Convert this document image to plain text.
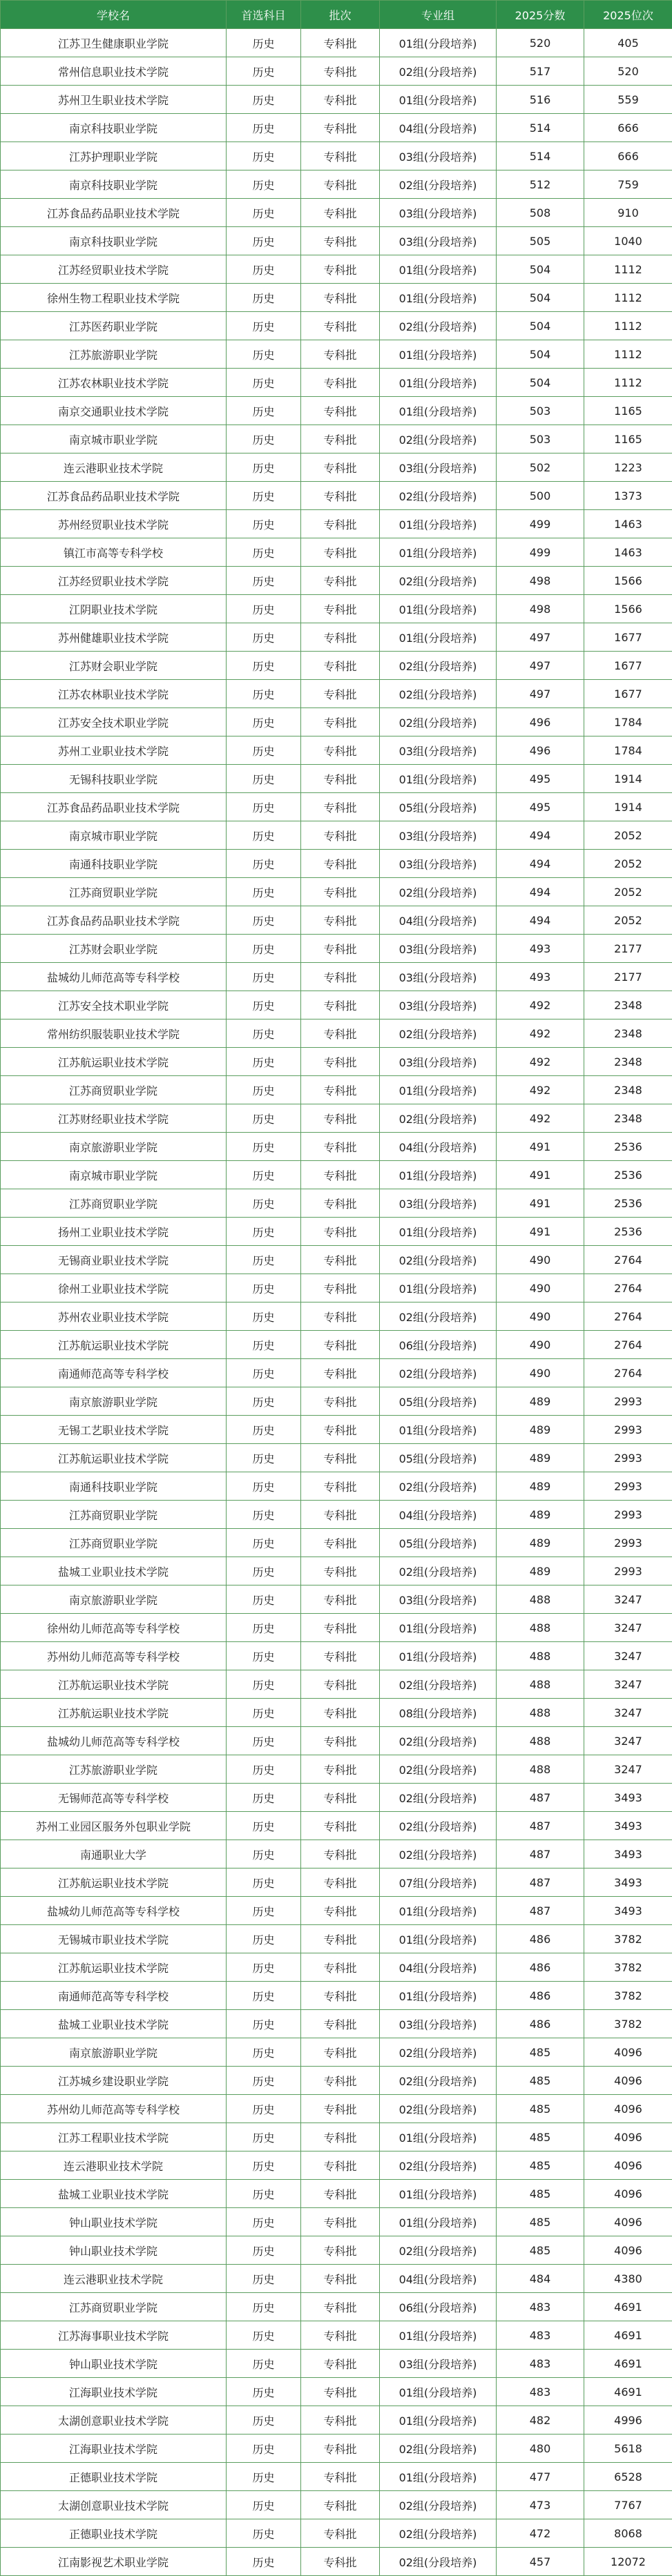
学校名	首选科目	批次	专业组	2025分数	2025位次
江苏卫生健康职业学院	历史	专科批	01组(分段培养)	520	405
常州信息职业技术学院	历史	专科批	02组(分段培养)	517	520
苏州卫生职业技术学院	历史	专科批	01组(分段培养)	516	559
南京科技职业学院	历史	专科批	04组(分段培养)	514	666
江苏护理职业学院	历史	专科批	03组(分段培养)	514	666
南京科技职业学院	历史	专科批	02组(分段培养)	512	759
江苏食品药品职业技术学院	历史	专科批	03组(分段培养)	508	910
南京科技职业学院	历史	专科批	03组(分段培养)	505	1040
江苏经贸职业技术学院	历史	专科批	01组(分段培养)	504	1112
徐州生物工程职业技术学院	历史	专科批	01组(分段培养)	504	1112
江苏医药职业学院	历史	专科批	02组(分段培养)	504	1112
江苏旅游职业学院	历史	专科批	01组(分段培养)	504	1112
江苏农林职业技术学院	历史	专科批	01组(分段培养)	504	1112
南京交通职业技术学院	历史	专科批	01组(分段培养)	503	1165
南京城市职业学院	历史	专科批	02组(分段培养)	503	1165
连云港职业技术学院	历史	专科批	03组(分段培养)	502	1223
江苏食品药品职业技术学院	历史	专科批	02组(分段培养)	500	1373
苏州经贸职业技术学院	历史	专科批	01组(分段培养)	499	1463
镇江市高等专科学校	历史	专科批	01组(分段培养)	499	1463
江苏经贸职业技术学院	历史	专科批	02组(分段培养)	498	1566
江阴职业技术学院	历史	专科批	01组(分段培养)	498	1566
苏州健雄职业技术学院	历史	专科批	01组(分段培养)	497	1677
江苏财会职业学院	历史	专科批	02组(分段培养)	497	1677
江苏农林职业技术学院	历史	专科批	02组(分段培养)	497	1677
江苏安全技术职业学院	历史	专科批	02组(分段培养)	496	1784
苏州工业职业技术学院	历史	专科批	03组(分段培养)	496	1784
无锡科技职业学院	历史	专科批	01组(分段培养)	495	1914
江苏食品药品职业技术学院	历史	专科批	05组(分段培养)	495	1914
南京城市职业学院	历史	专科批	03组(分段培养)	494	2052
南通科技职业学院	历史	专科批	03组(分段培养)	494	2052
江苏商贸职业学院	历史	专科批	02组(分段培养)	494	2052
江苏食品药品职业技术学院	历史	专科批	04组(分段培养)	494	2052
江苏财会职业学院	历史	专科批	03组(分段培养)	493	2177
盐城幼儿师范高等专科学校	历史	专科批	03组(分段培养)	493	2177
江苏安全技术职业学院	历史	专科批	03组(分段培养)	492	2348
常州纺织服装职业技术学院	历史	专科批	02组(分段培养)	492	2348
江苏航运职业技术学院	历史	专科批	03组(分段培养)	492	2348
江苏商贸职业学院	历史	专科批	01组(分段培养)	492	2348
江苏财经职业技术学院	历史	专科批	02组(分段培养)	492	2348
南京旅游职业学院	历史	专科批	04组(分段培养)	491	2536
南京城市职业学院	历史	专科批	01组(分段培养)	491	2536
江苏商贸职业学院	历史	专科批	03组(分段培养)	491	2536
扬州工业职业技术学院	历史	专科批	01组(分段培养)	491	2536
无锡商业职业技术学院	历史	专科批	02组(分段培养)	490	2764
徐州工业职业技术学院	历史	专科批	01组(分段培养)	490	2764
苏州农业职业技术学院	历史	专科批	02组(分段培养)	490	2764
江苏航运职业技术学院	历史	专科批	06组(分段培养)	490	2764
南通师范高等专科学校	历史	专科批	02组(分段培养)	490	2764
南京旅游职业学院	历史	专科批	05组(分段培养)	489	2993
无锡工艺职业技术学院	历史	专科批	01组(分段培养)	489	2993
江苏航运职业技术学院	历史	专科批	05组(分段培养)	489	2993
南通科技职业学院	历史	专科批	02组(分段培养)	489	2993
江苏商贸职业学院	历史	专科批	04组(分段培养)	489	2993
江苏商贸职业学院	历史	专科批	05组(分段培养)	489	2993
盐城工业职业技术学院	历史	专科批	02组(分段培养)	489	2993
南京旅游职业学院	历史	专科批	03组(分段培养)	488	3247
徐州幼儿师范高等专科学校	历史	专科批	01组(分段培养)	488	3247
苏州幼儿师范高等专科学校	历史	专科批	01组(分段培养)	488	3247
江苏航运职业技术学院	历史	专科批	02组(分段培养)	488	3247
江苏航运职业技术学院	历史	专科批	08组(分段培养)	488	3247
盐城幼儿师范高等专科学校	历史	专科批	02组(分段培养)	488	3247
江苏旅游职业学院	历史	专科批	02组(分段培养)	488	3247
无锡师范高等专科学校	历史	专科批	02组(分段培养)	487	3493
苏州工业园区服务外包职业学院	历史	专科批	02组(分段培养)	487	3493
南通职业大学	历史	专科批	02组(分段培养)	487	3493
江苏航运职业技术学院	历史	专科批	07组(分段培养)	487	3493
盐城幼儿师范高等专科学校	历史	专科批	01组(分段培养)	487	3493
无锡城市职业技术学院	历史	专科批	01组(分段培养)	486	3782
江苏航运职业技术学院	历史	专科批	04组(分段培养)	486	3782
南通师范高等专科学校	历史	专科批	01组(分段培养)	486	3782
盐城工业职业技术学院	历史	专科批	03组(分段培养)	486	3782
南京旅游职业学院	历史	专科批	02组(分段培养)	485	4096
江苏城乡建设职业学院	历史	专科批	02组(分段培养)	485	4096
苏州幼儿师范高等专科学校	历史	专科批	02组(分段培养)	485	4096
江苏工程职业技术学院	历史	专科批	01组(分段培养)	485	4096
连云港职业技术学院	历史	专科批	02组(分段培养)	485	4096
盐城工业职业技术学院	历史	专科批	01组(分段培养)	485	4096
钟山职业技术学院	历史	专科批	01组(分段培养)	485	4096
钟山职业技术学院	历史	专科批	02组(分段培养)	485	4096
连云港职业技术学院	历史	专科批	04组(分段培养)	484	4380
江苏商贸职业学院	历史	专科批	06组(分段培养)	483	4691
江苏海事职业技术学院	历史	专科批	01组(分段培养)	483	4691
钟山职业技术学院	历史	专科批	03组(分段培养)	483	4691
江海职业技术学院	历史	专科批	01组(分段培养)	483	4691
太湖创意职业技术学院	历史	专科批	01组(分段培养)	482	4996
江海职业技术学院	历史	专科批	02组(分段培养)	480	5618
正德职业技术学院	历史	专科批	01组(分段培养)	477	6528
太湖创意职业技术学院	历史	专科批	02组(分段培养)	473	7767
正德职业技术学院	历史	专科批	02组(分段培养)	472	8068
江南影视艺术职业学院	历史	专科批	02组(分段培养)	457	12072
